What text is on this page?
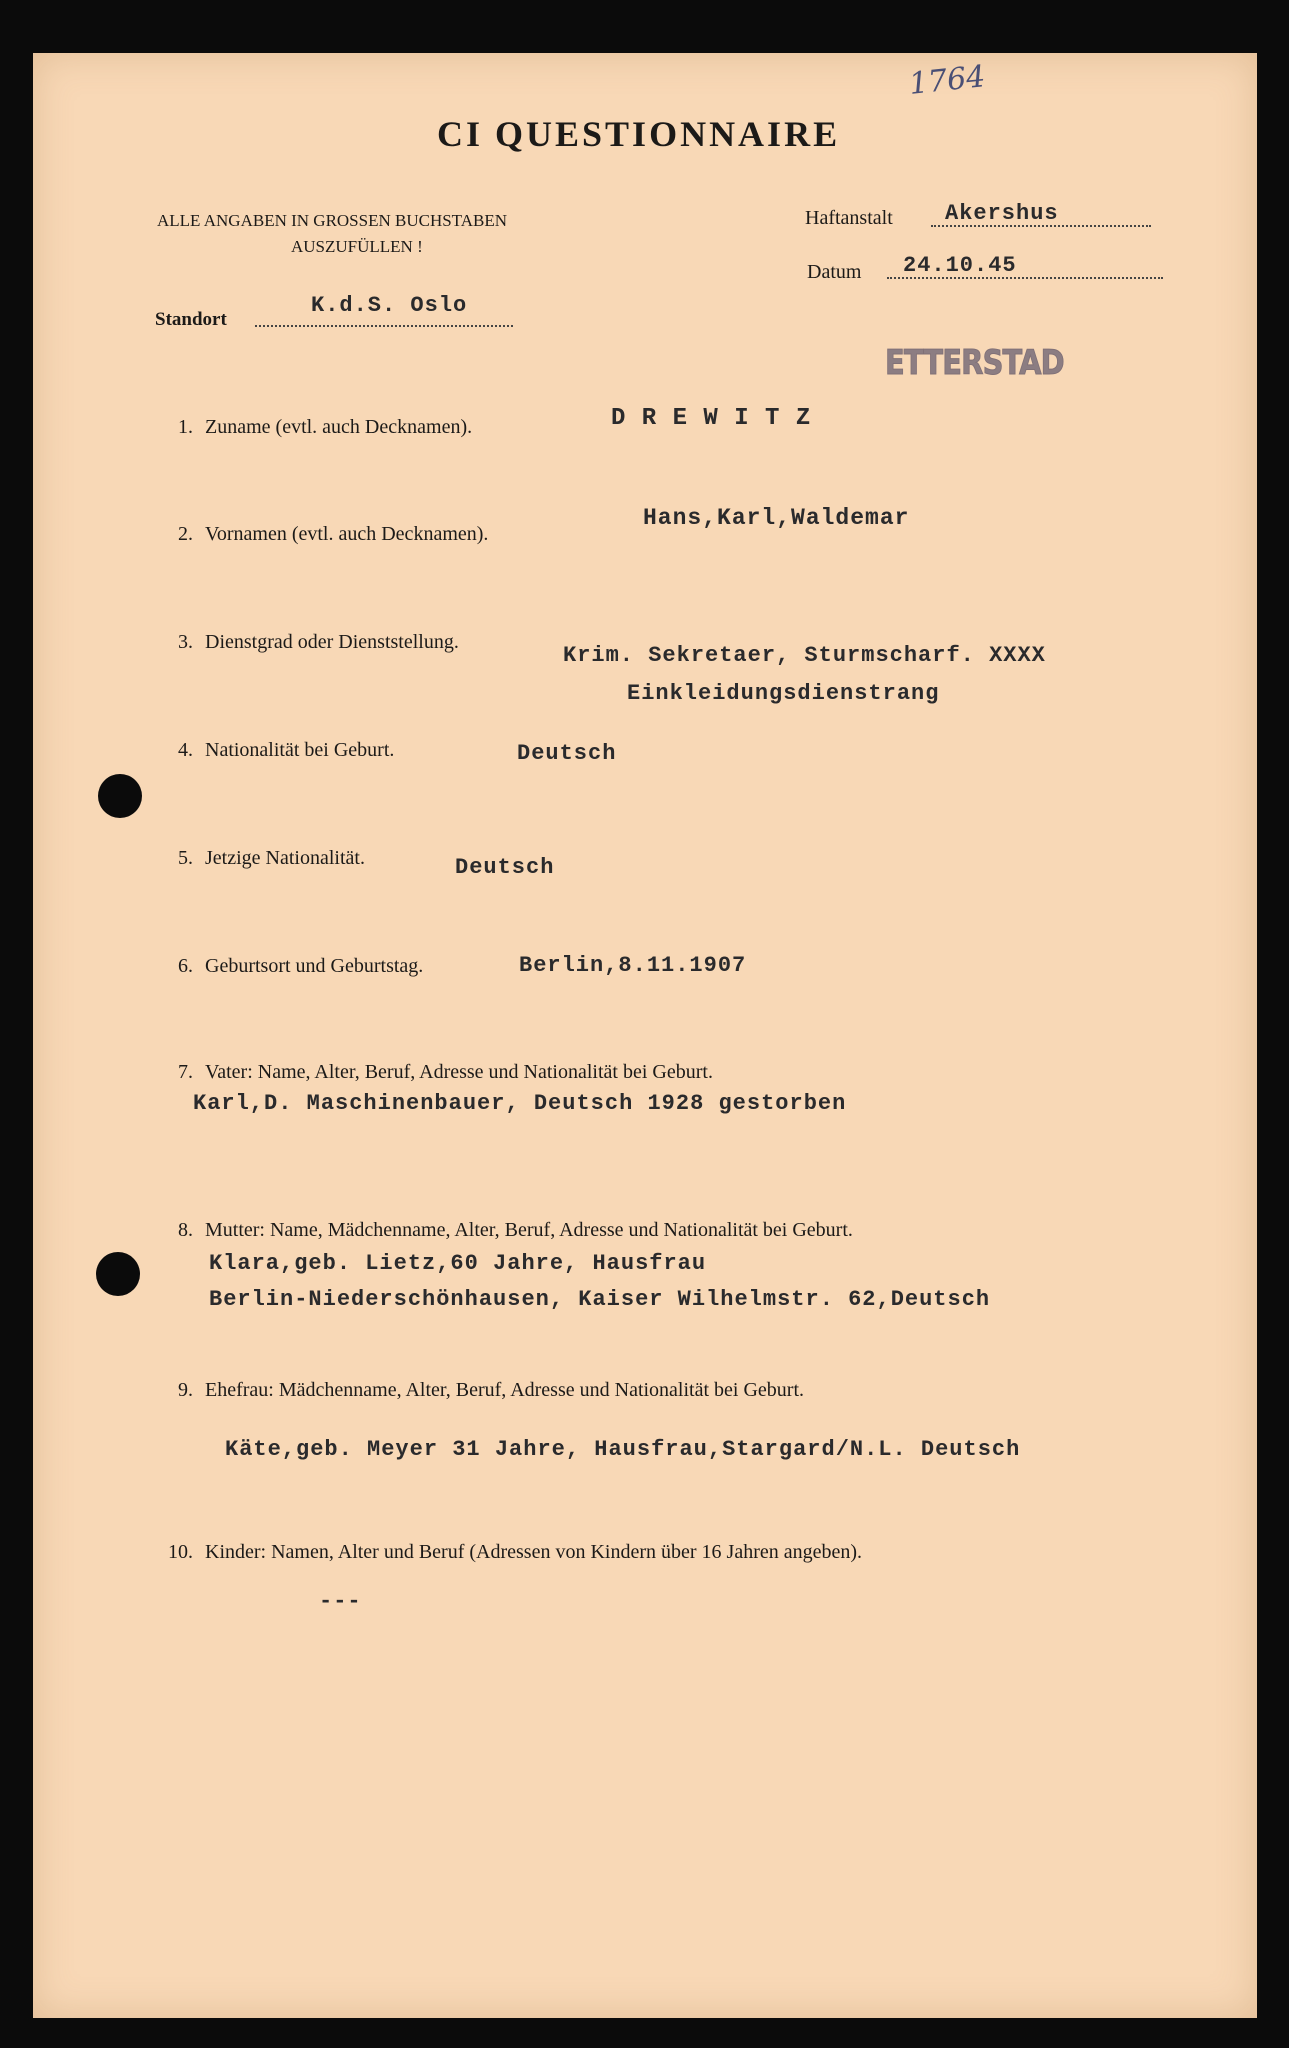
1764
CI QUESTIONNAIRE
ALLE ANGABEN IN GROSSEN BUCHSTABEN
AUSZUFÜLLEN !
Haftanstalt Akershus
Datum 24.10.45
Standort
K.d.S. Oslo
ETTERSTAD
1. Zuname (evtl. auch Decknamen).	D R E W I T Z
2. Vornamen (evtl. auch Decknamen).
Hans,Karl,Waldemar
3. Dienstgrad oder Dienststellung.
Krim. Sekretaer, Sturmscharf. XXXX
Einkleidungsdienstrang
4. Nationalität bei Geburt.	Deutsch
5. Jetzige Nationalität.	Deutsch
6. Geburtsort und Geburtstag.	Berlin,8.11.1907
7. Vater: Name, Alter, Beruf, Adresse und Nationalität bei Geburt.
Karl,D. Maschinenbauer, Deutsch 1928 gestorben
8. Mutter: Name, Mädchenname, Alter, Beruf, Adresse und Nationalität bei Geburt.
Klara,geb. Lietz,60 Jahre, Hausfrau
Berlin-Niederschönhausen, Kaiser Wilhelmstr. 62,Deutsch
9. Ehefrau: Mädchenname, Alter, Beruf, Adresse und Nationalität bei Geburt.
Käte,geb. Meyer 31 Jahre, Hausfrau,Stargard/N.L. Deutsch
10. Kinder: Namen, Alter und Beruf (Adressen von Kindern über 16 Jahren angeben).
---
